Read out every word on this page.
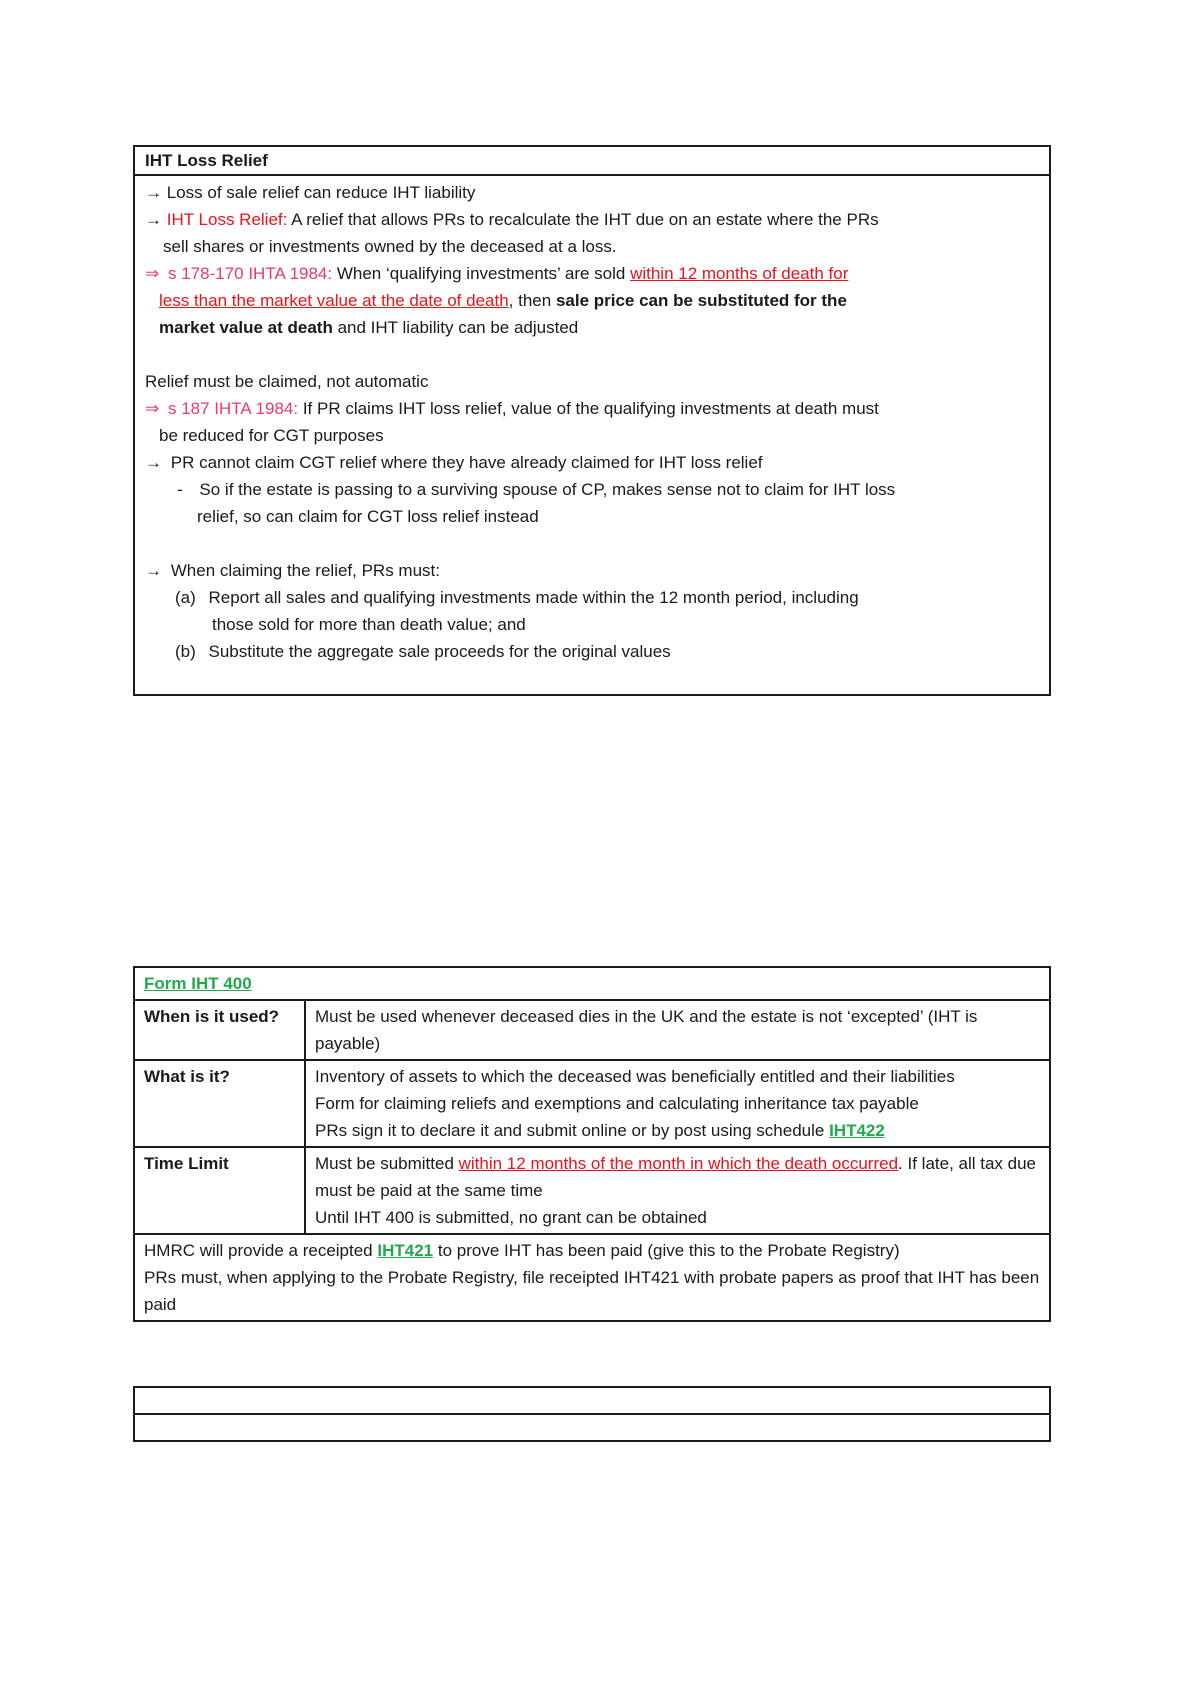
IHT Loss Relief
→ Loss of sale relief can reduce IHT liability
→ IHT Loss Relief: A relief that allows PRs to recalculate the IHT due on an estate where the PRs
sell shares or investments owned by the deceased at a loss.
⇒ s 178-170 IHTA 1984: When ‘qualifying investments’ are sold within 12 months of death for
less than the market value at the date of death, then sale price can be substituted for the
market value at death and IHT liability can be adjusted
Relief must be claimed, not automatic
⇒ s 187 IHTA 1984: If PR claims IHT loss relief, value of the qualifying investments at death must
be reduced for CGT purposes
→ PR cannot claim CGT relief where they have already claimed for IHT loss relief
- So if the estate is passing to a surviving spouse of CP, makes sense not to claim for IHT loss
relief, so can claim for CGT loss relief instead
→ When claiming the relief, PRs must:
(a) Report all sales and qualifying investments made within the 12 month period, including
those sold for more than death value; and
(b) Substitute the aggregate sale proceeds for the original values
Form IHT 400	
When is it used?	Must be used whenever deceased dies in the UK and the estate is not ‘excepted’ (IHT is payable)
What is it?	Inventory of assets to which the deceased was beneficially entitled and their liabilities
Form for claiming reliefs and exemptions and calculating inheritance tax payable
PRs sign it to declare it and submit online or by post using schedule IHT422

Time Limit	Must be submitted within 12 months of the month in which the death occurred. If late, all tax due must be paid at the same time
Until IHT 400 is submitted, no grant can be obtained

HMRC will provide a receipted IHT421 to prove IHT has been paid (give this to the Probate Registry)
PRs must, when applying to the Probate Registry, file receipted IHT421 with probate papers as proof that IHT has been paid	
